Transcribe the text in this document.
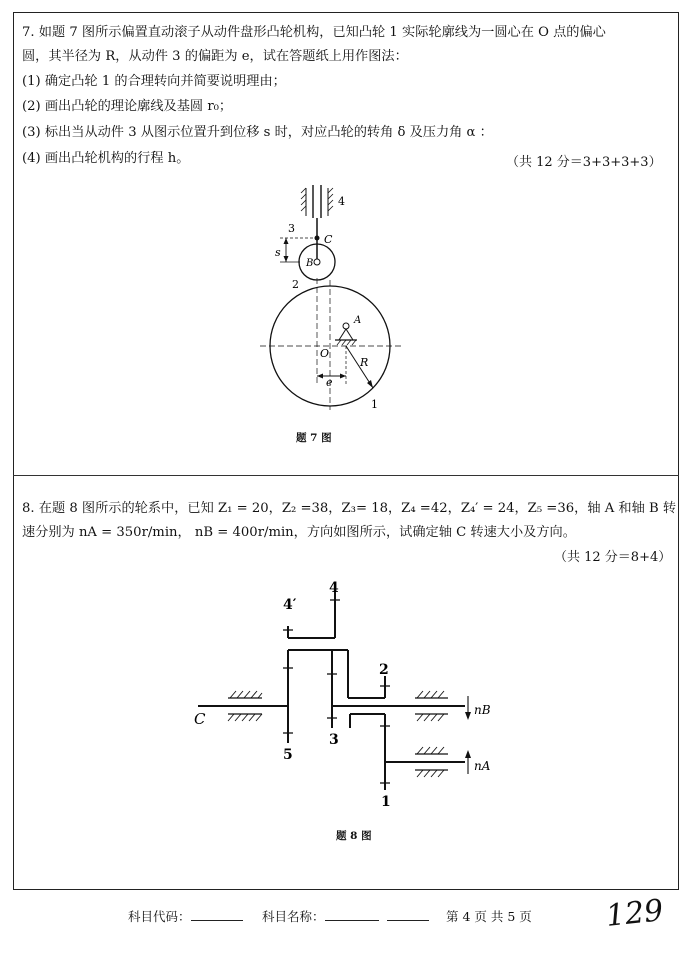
7. 如题 7 图所示偏置直动滚子从动件盘形凸轮机构，已知凸轮 1 实际轮廓线为一圆心在 O 点的偏心
圆，其半径为 R，从动件 3 的偏距为 e，试在答题纸上用作图法：
(1) 确定凸轮 1 的合理转向并简要说明理由；
(2) 画出凸轮的理论廓线及基圆 r₀；
(3) 标出当从动件 3 从图示位置升到位移 s 时，对应凸轮的转角 δ 及压力角 α ：
(4) 画出凸轮机构的行程 h。	（共 12 分＝3+3+3+3）
4
3
C
s
B
2
A
O
R
e
1
题 7 图
8. 在题 8 图所示的轮系中，已知 Z₁ = 20，Z₂ =38，Z₃= 18，Z₄ =42，Z₄′ = 24，Z₅ =36，轴 A 和轴 B 转
速分别为 nA = 350r/min， nB = 400r/min，方向如图所示，试确定轴 C 转速大小及方向。
（共 12 分＝8+4）
4′
4
2
C
5
3
1
nB
nA
题 8 图
科目代码：	科目名称：	第 4 页 共 5 页 129
